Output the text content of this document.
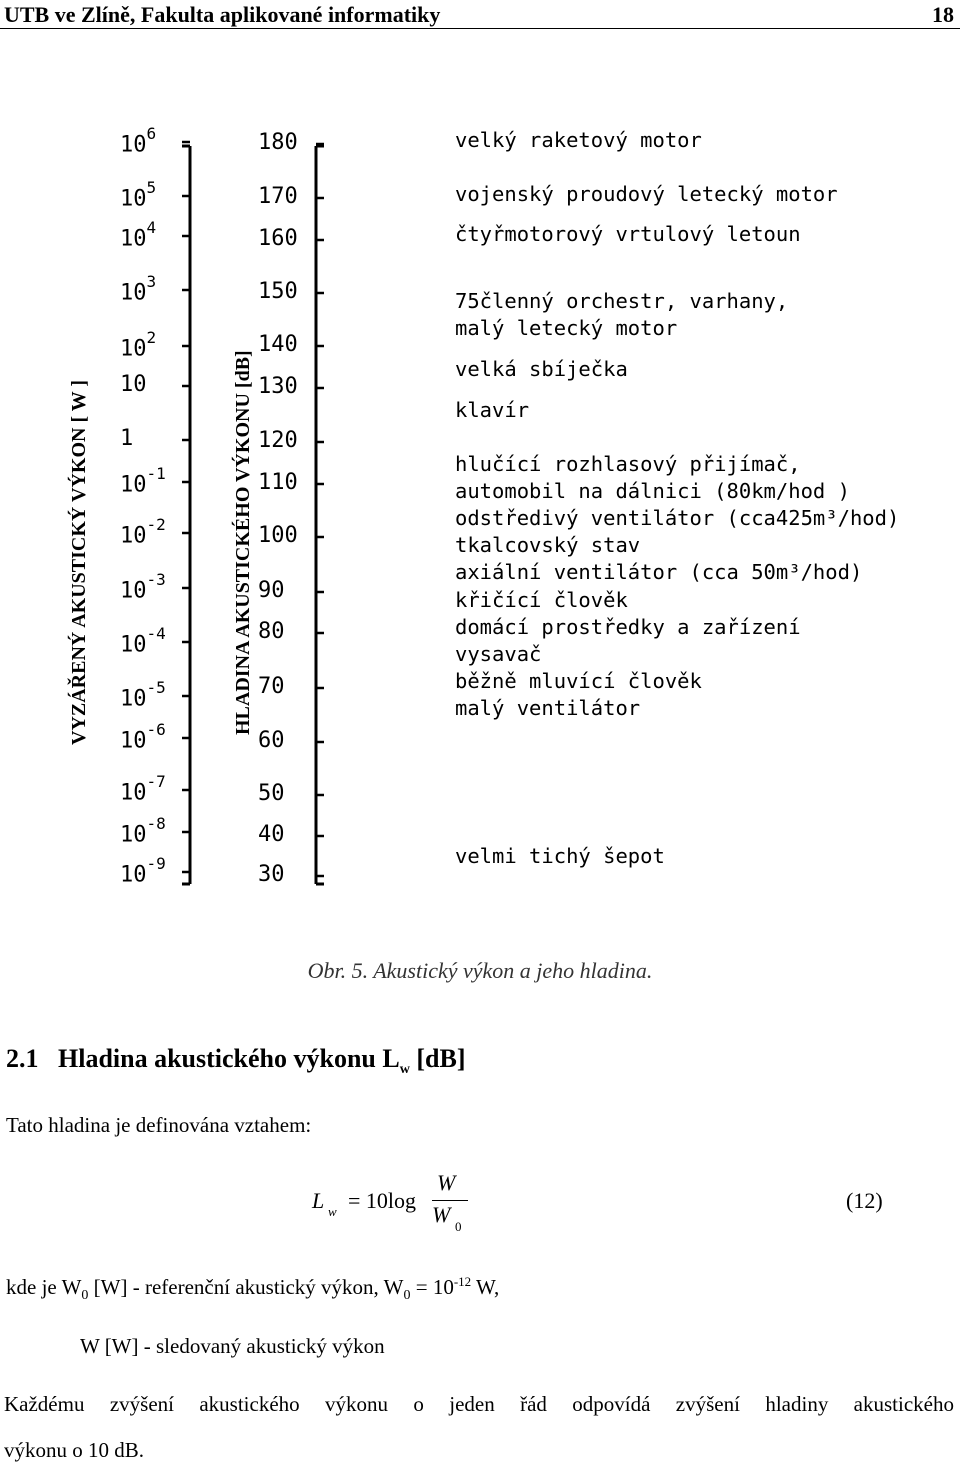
UTB ve Zlíně, Fakulta aplikované informatiky	18
VYZÁŘENÝ AKUSTICKÝ VÝKON [ W ]	HLADINA AKUSTICKÉHO VÝKONU [dB]
$10^6$
$10^5$
$10^4$
$10^3$
$10^2$
10
1
$10^{-1}$
$10^{-2}$
$10^{-3}$
$10^{-4}$
$10^{-5}$
$10^{-6}$
$10^{-7}$
$10^{-8}$
$10^{-9}$
180
170
160
150
140
130
120
110
100
90
80
70
60
50
40
30
velký raketový motor
vojenský proudový letecký motor
čtyřmotorový vrtulový letoun
75členný orchestr, varhany,
malý letecký motor
velká sbíječka
klavír
hlučící rozhlasový přijímač,
automobil na dálnici (80km/hod )
odstředivý ventilátor (cca425m³/hod)
tkalcovský stav
axiální ventilátor (cca 50m³/hod)
křičící člověk
domácí prostředky a zařízení
vysavač
běžně mluvící člověk
malý ventilátor
velmi tichý šepot
Obr. 5. Akustický výkon a jeho hladina.
2.1 Hladina akustického výkonu $L_w$ [dB]
Tato hladina je definována vztahem:
L w = 10log
W
W 0
(12)
kde je $W_0$ [W] - referenční akustický výkon, $W_0 = 10^{-12}$ W,
W [W] - sledovaný akustický výkon
Každému zvýšení akustického výkonu o jeden řád odpovídá zvýšení hladiny akustického
výkonu o 10 dB.
